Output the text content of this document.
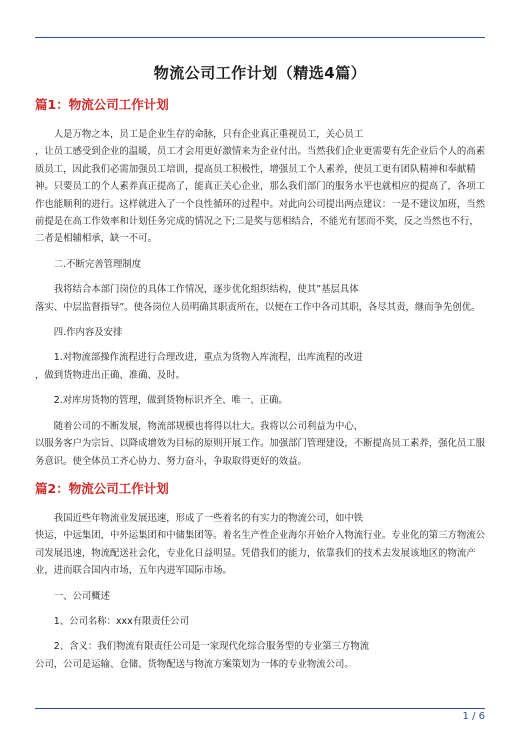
物流公司工作计划（精选4篇）
篇1：物流公司工作计划
人是万物之本，员工是企业生存的命脉，只有企业真正重视员工，关心员工
，让员工感受到企业的温暖，员工才会用更好激情来为企业付出。当然我们企业更需要有先企业后个人的高素质员工，因此我们必需加强员工培训，提高员工积极性，增强员工个人素养，使员工更有团队精神和奉献精神。只要员工的个人素养真正提高了，能真正关心企业，那么我们部门的服务水平也就相应的提高了，各项工作也能顺利的进行。这样就进入了一个良性循环的过程中。对此向公司提出两点建议：一是不建议加班，当然前提是在高工作效率和计划任务完成的情况之下;二是奖与惩相结合，不能光有惩而不奖，反之当然也不行，二者是相辅相承，缺一不可。
二.不断完善管理制度
我将结合本部门岗位的具体工作情况，逐步优化组织结构，使其”基层具体
落实、中层监督指导”。使各岗位人员明确其职责所在，以便在工作中各司其职，各尽其责，继而争先创优。
四.作内容及安排
1.对物流部操作流程进行合理改进，重点为货物入库流程，出库流程的改进
，做到货物进出正确、准确、及时。
2.对库房货物的管理，做到货物标识齐全、唯一、正确。
随着公司的不断发展，物流部规模也将得以壮大。我将以公司利益为中心，
以服务客户为宗旨、以降成增效为目标的原则开展工作。加强部门管理建设，不断提高员工素养，强化员工服务意识。使全体员工齐心协力、努力奋斗，争取取得更好的效益。
篇2：物流公司工作计划
我国近些年物流业发展迅速，形成了一些着名的有实力的物流公司，如中铁
快运，中远集团，中外运集团和中储集团等。着名生产性企业海尔开始介入物流行业。专业化的第三方物流公司发展迅速，物流配送社会化，专业化日益明显。凭借我们的能力，依靠我们的技术去发展该地区的物流产业，进而联合国内市场，五年内进军国际市场。
一、公司概述
1、公司名称：xxx有限责任公司
2、含义：我们物流有限责任公司是一家现代化综合服务型的专业第三方物流
公司，公司是运输、仓储、货物配送与物流方案策划为一体的专业物流公司。
1 / 6
